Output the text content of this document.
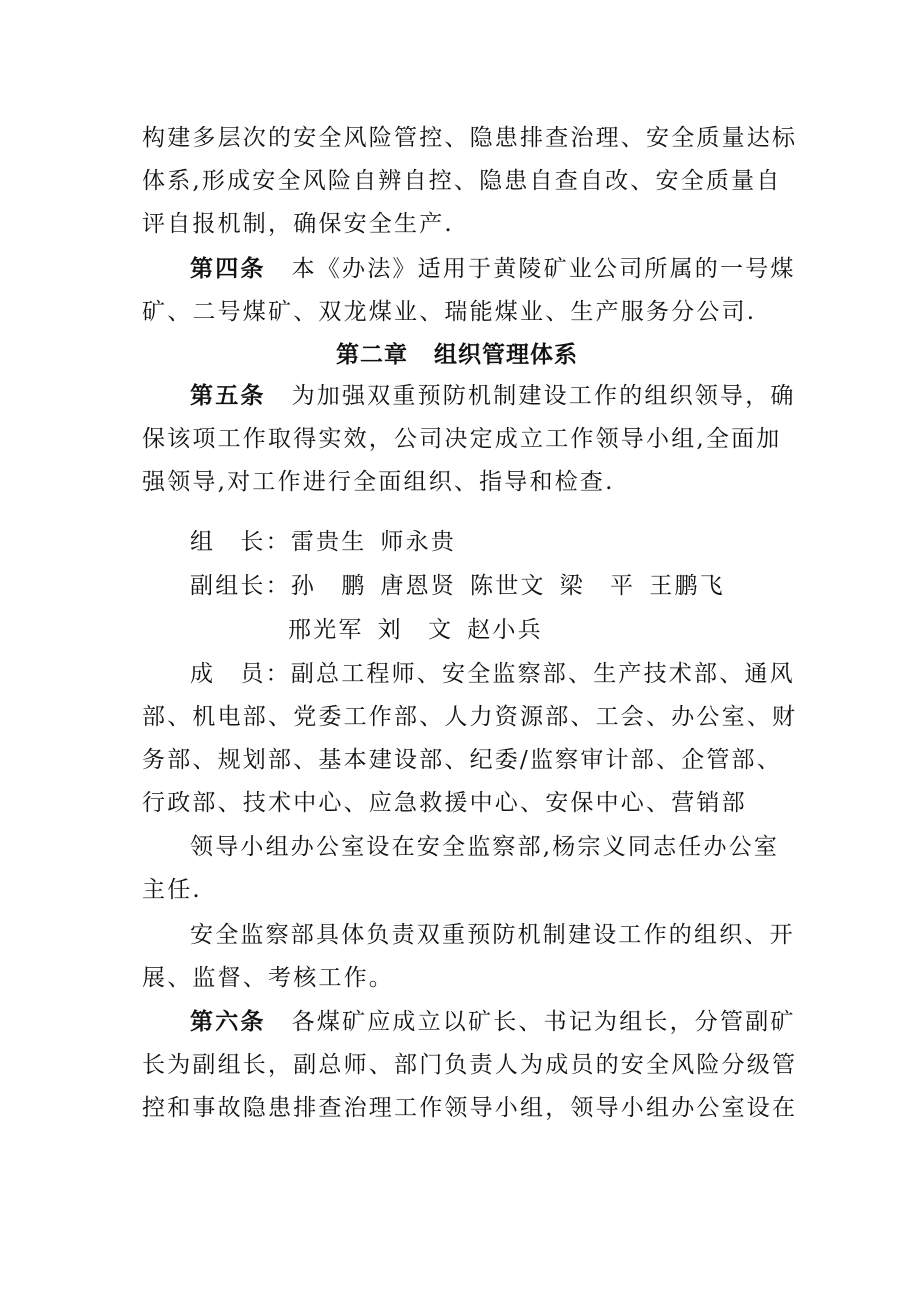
构建多层次的安全风险管控、隐患排查治理、安全质量达标
体系,形成安全风险自辨自控、隐患自查自改、安全质量自
评自报机制，确保安全生产.
第四条 本《办法》适用于黄陵矿业公司所属的一号煤
矿、二号煤矿、双龙煤业、瑞能煤业、生产服务分公司.
第二章 组织管理体系
第五条 为加强双重预防机制建设工作的组织领导，确
保该项工作取得实效，公司决定成立工作领导小组,全面加
强领导,对工作进行全面组织、指导和检查.
组　长：雷贵生 师永贵
副组长：孙　鹏 唐恩贤 陈世文 梁　平 王鹏飞
邢光军 刘　文 赵小兵
成　员：副总工程师、安全监察部、生产技术部、通风
部、机电部、党委工作部、人力资源部、工会、办公室、财
务部、规划部、基本建设部、纪委/监察审计部、企管部、
行政部、技术中心、应急救援中心、安保中心、营销部
领导小组办公室设在安全监察部,杨宗义同志任办公室
主任.
安全监察部具体负责双重预防机制建设工作的组织、开
展、监督、考核工作。
第六条 各煤矿应成立以矿长、书记为组长，分管副矿
长为副组长，副总师、部门负责人为成员的安全风险分级管
控和事故隐患排查治理工作领导小组，领导小组办公室设在
